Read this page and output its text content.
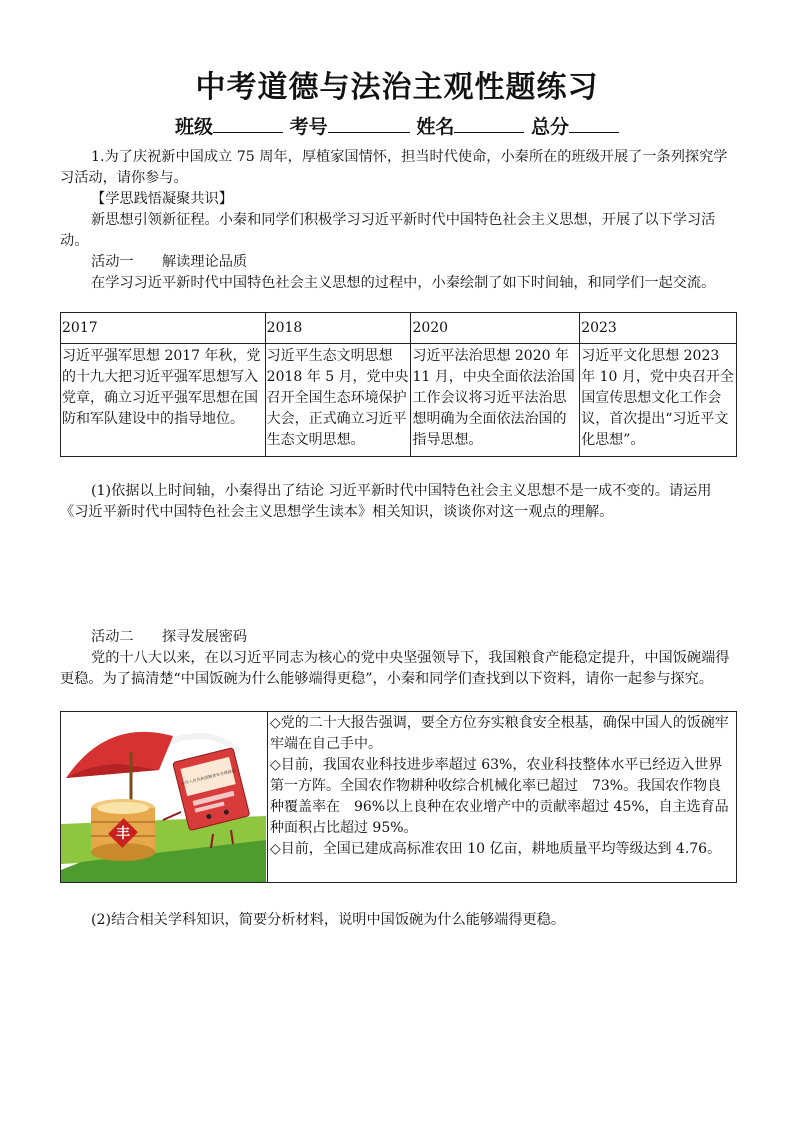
中考道德与法治主观性题练习
班级	考号	姓名	总分
1.为了庆祝新中国成立 75 周年，厚植家国情怀，担当时代使命，小秦所在的班级开展了一条列探究学习活动，请你参与。
【学思践悟凝聚共识】
新思想引领新征程。小秦和同学们积极学习习近平新时代中国特色社会主义思想，开展了以下学习活动。
活动一　　解读理论品质
在学习习近平新时代中国特色社会主义思想的过程中，小秦绘制了如下时间轴，和同学们一起交流。
2017	2018	2020	2023
习近平强军思想 2017 年秋，党的十九大把习近平强军思想写入党章，确立习近平强军思想在国防和军队建设中的指导地位。	习近平生态文明思想 2018 年 5 月，党中央召开全国生态环境保护大会，正式确立习近平生态文明思想。	习近平法治思想 2020 年 11 月，中央全面依法治国工作会议将习近平法治思想明确为全面依法治国的指导思想。	习近平文化思想 2023 年 10 月，党中央召开全国宣传思想文化工作会议，首次提出“习近平文化思想”。
(1)依据以上时间轴，小秦得出了结论 习近平新时代中国特色社会主义思想不是一成不变的。请运用《习近平新时代中国特色社会主义思想学生读本》相关知识，谈谈你对这一观点的理解。
活动二　　探寻发展密码
党的十八大以来，在以习近平同志为核心的党中央坚强领导下，我国粮食产能稳定提升，中国饭碗端得更稳。为了搞清楚“中国饭碗为什么能够端得更稳”，小秦和同学们查找到以下资料，请你一起参与探究。
丰
中华人民共和国粮食安全保障法

◇党的二十大报告强调，要全方位夯实粮食安全根基，确保中国人的饭碗牢牢端在自己手中。
◇目前，我国农业科技进步率超过 63%，农业科技整体水平已经迈入世界第一方阵。全国农作物耕种收综合机械化率已超过　73%。我国农作物良种覆盖率在　96%以上良种在农业增产中的贡献率超过 45%，自主选育品种面积占比超过 95%。
◇目前，全国已建成高标准农田 10 亿亩，耕地质量平均等级达到 4.76。
(2)结合相关学科知识，简要分析材料，说明中国饭碗为什么能够端得更稳。
